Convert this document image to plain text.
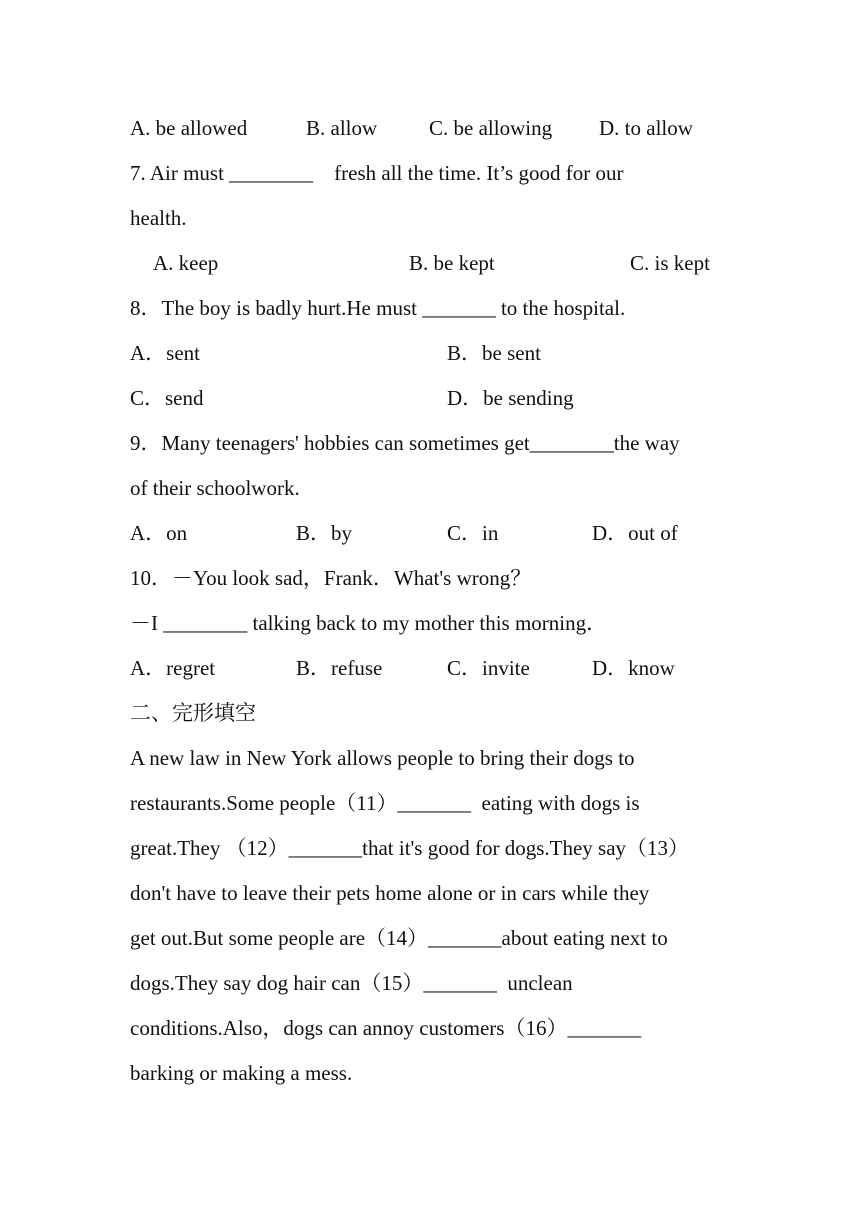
A. be allowed	B. allow C. be allowing D. to allow
7. Air must ________    fresh all the time. It’s good for our
health.
A. keep	B. be kept	C. is kept
8．The boy is badly hurt.He must _______ to the hospital.
A．sent	B．be sent
C．send	D．be sending
9．Many teenagers' hobbies can sometimes get________the way
of their schoolwork.
A．on	B．by	C．in	D．out of
10．－You look sad，Frank．What's wrong？
－I ________ talking back to my mother this morning．
A．regret	B．refuse	C．invite	D．know
二、完形填空
A new law in New York allows people to bring their dogs to
restaurants.Some people（11）_______  eating with dogs is
great.They （12）_______that it's good for dogs.They say（13）
don't have to leave their pets home alone or in cars while they
get out.But some people are（14）_______about eating next to
dogs.They say dog hair can（15）_______  unclean
conditions.Also，dogs can annoy customers（16）_______
barking or making a mess.
